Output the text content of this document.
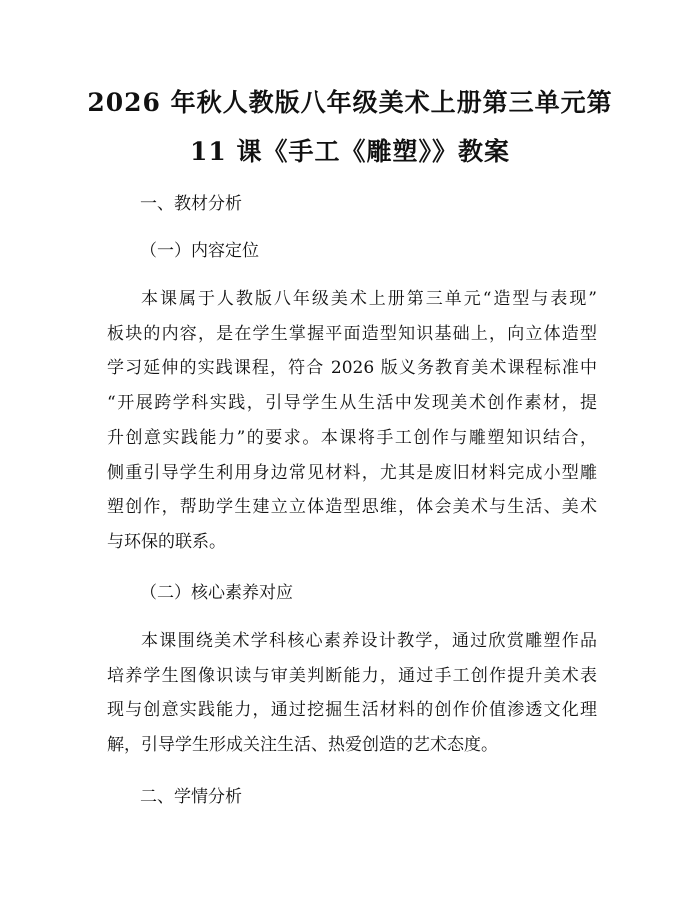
2026 年秋人教版八年级美术上册第三单元第
11 课《手工《雕塑》》教案

一、教材分析

（一）内容定位

本课属于人教版八年级美术上册第三单元“造型与表现”
板块的内容，是在学生掌握平面造型知识基础上，向立体造型
学习延伸的实践课程，符合 2026 版义务教育美术课程标准中
“开展跨学科实践，引导学生从生活中发现美术创作素材，提
升创意实践能力”的要求。本课将手工创作与雕塑知识结合，
侧重引导学生利用身边常见材料，尤其是废旧材料完成小型雕
塑创作，帮助学生建立立体造型思维，体会美术与生活、美术
与环保的联系。

（二）核心素养对应

本课围绕美术学科核心素养设计教学，通过欣赏雕塑作品
培养学生图像识读与审美判断能力，通过手工创作提升美术表
现与创意实践能力，通过挖掘生活材料的创作价值渗透文化理
解，引导学生形成关注生活、热爱创造的艺术态度。

二、学情分析
